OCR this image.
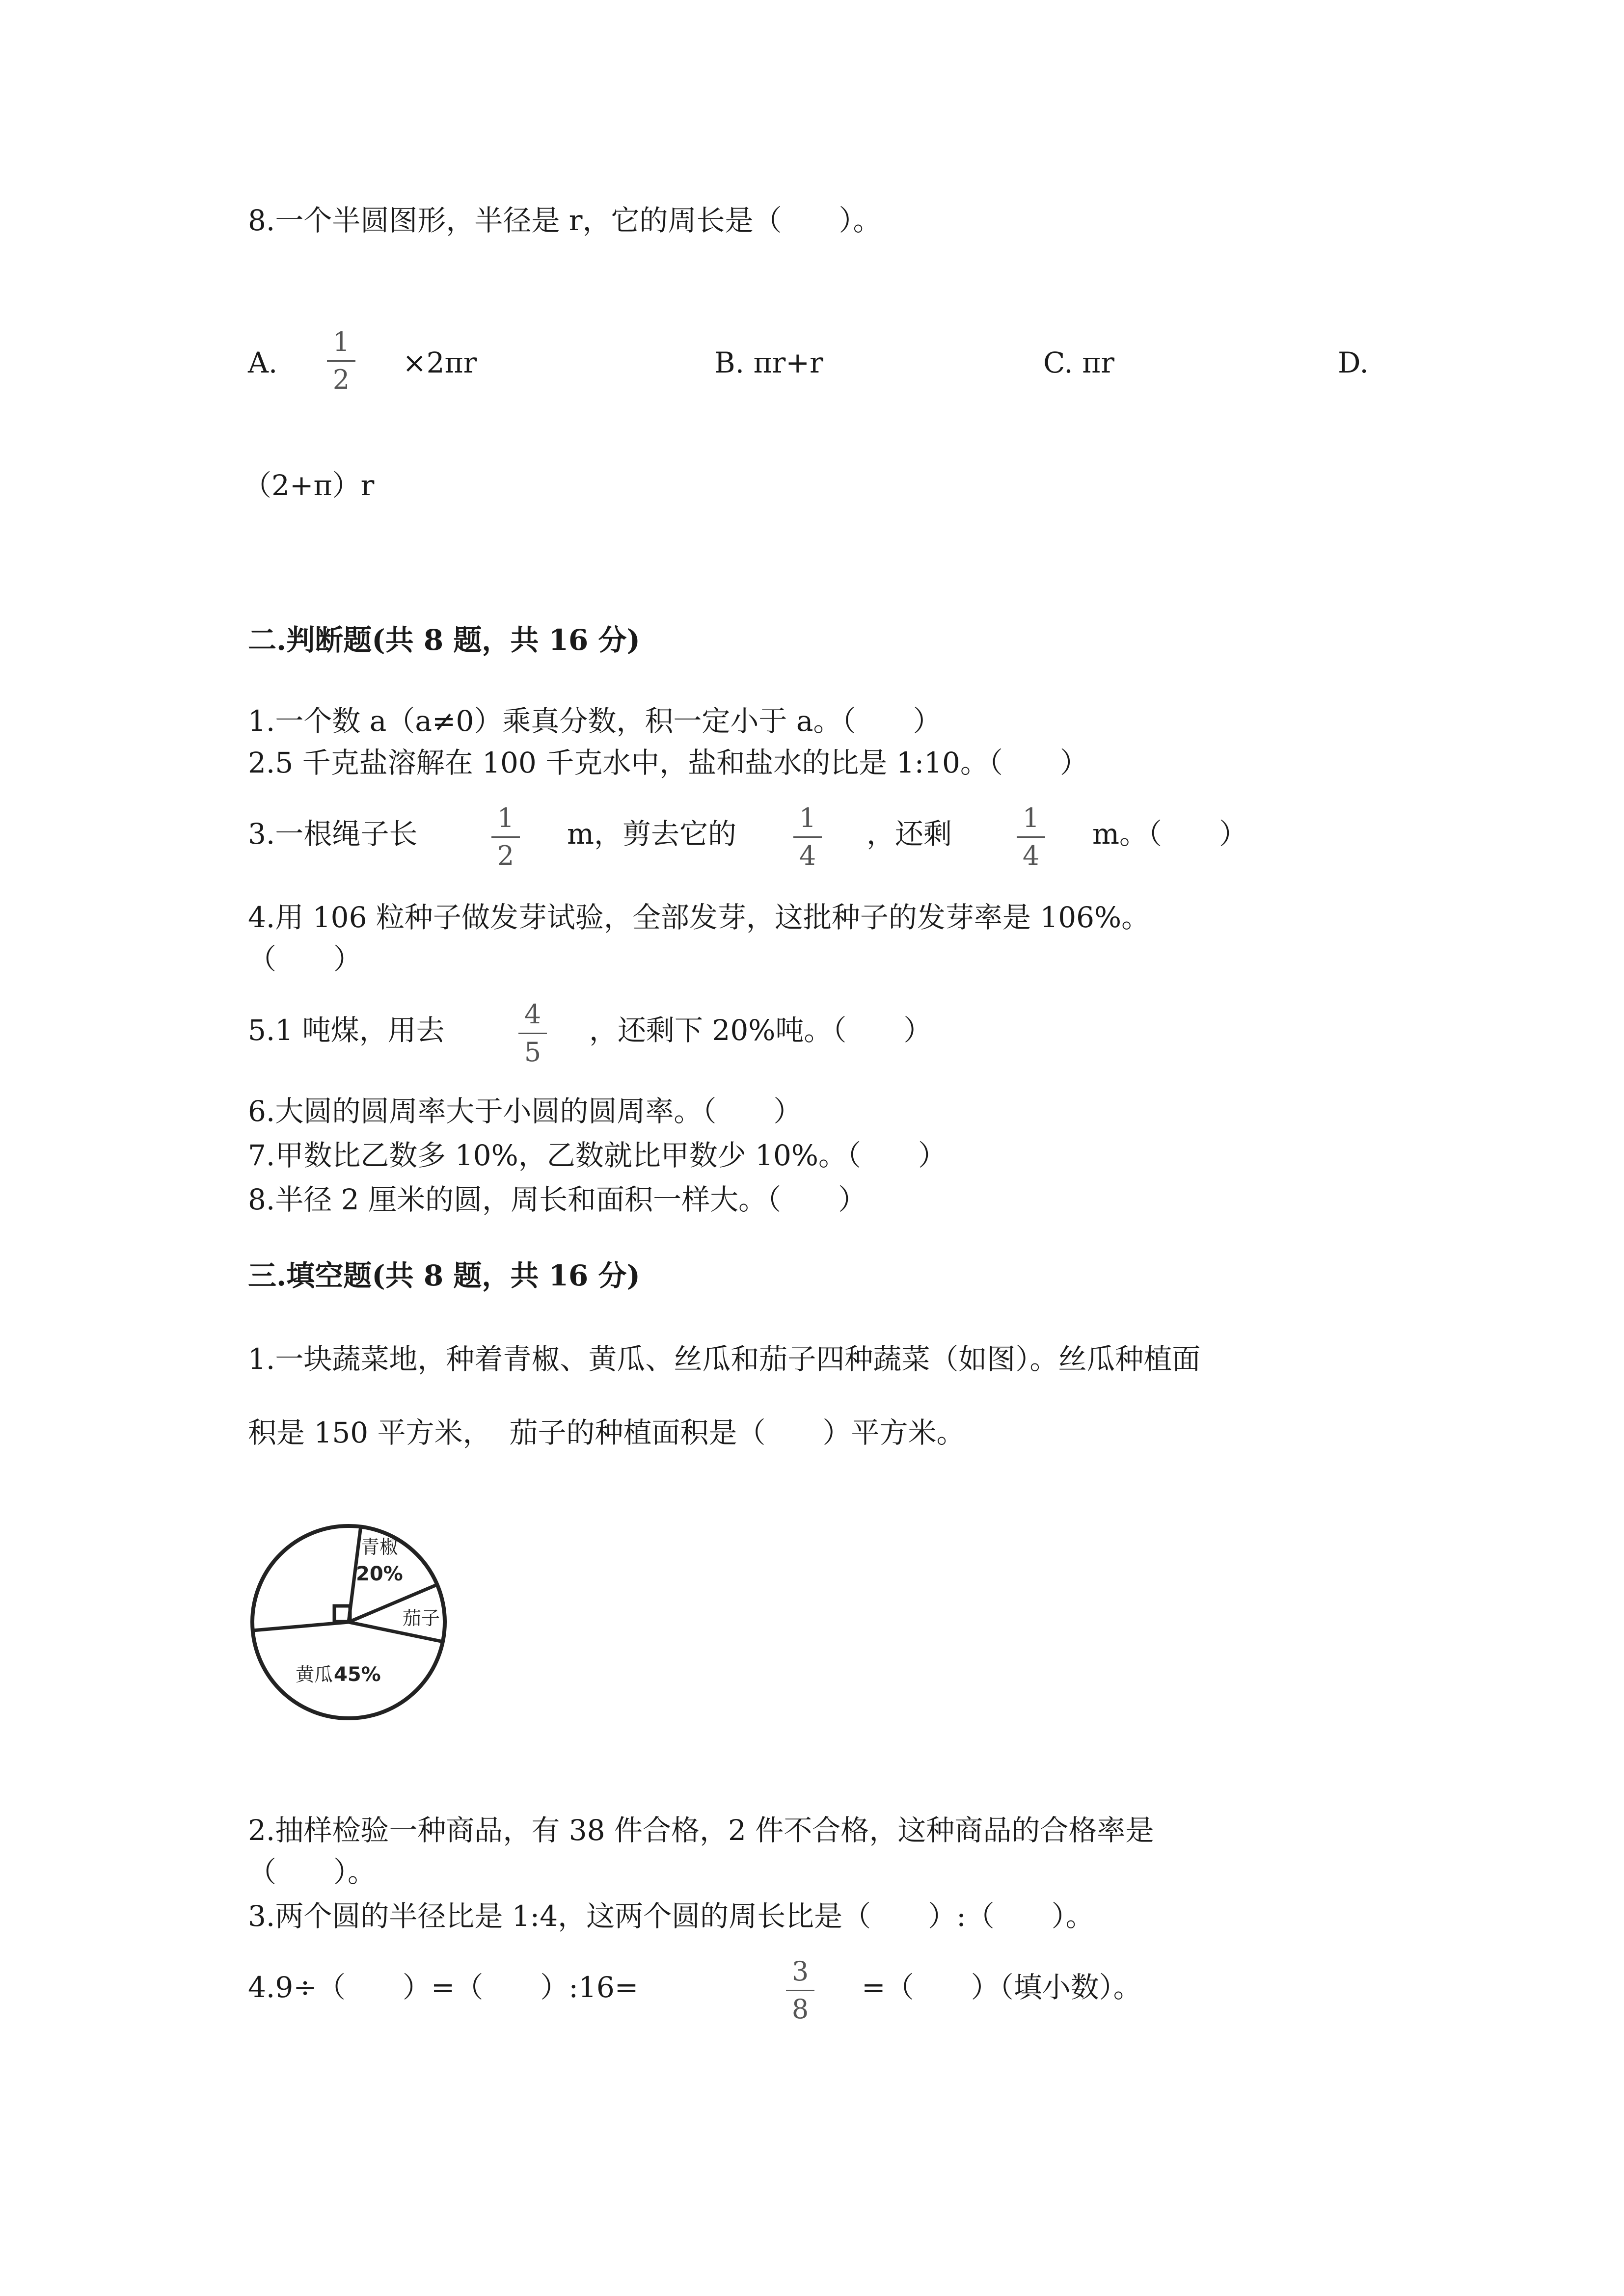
8.一个半圆图形，半径是 r，它的周长是（　　）。
A.
1
2
×2πr	B. πr+r	C. πr	D.
（2+π）r
二.判断题(共 8 题，共 16 分)
1.一个数 a（a≠0）乘真分数，积一定小于 a。（　　）
2.5 千克盐溶解在 100 千克水中，盐和盐水的比是 1:10。（　　）
3.一根绳子长	1
2
m，剪去它的	1
4
，还剩	1
4
m。（　　）
4.用 106 粒种子做发芽试验，全部发芽，这批种子的发芽率是 106%。
（　　）
5.1 吨煤，用去	4
5
，还剩下 20%吨。（　　）
6.大圆的圆周率大于小圆的圆周率。（　　）
7.甲数比乙数多 10%，乙数就比甲数少 10%。（　　）
8.半径 2 厘米的圆，周长和面积一样大。（　　）
三.填空题(共 8 题，共 16 分)
1.一块蔬菜地，种着青椒、黄瓜、丝瓜和茄子四种蔬菜（如图）。丝瓜种植面
积是 150 平方米，  茄子的种植面积是（　　）平方米。
青椒
20%
茄子
黄瓜 45%
2.抽样检验一种商品，有 38 件合格，2 件不合格，这种商品的合格率是
（　　）。
3.两个圆的半径比是 1:4，这两个圆的周长比是（　　）:（　　）。
4.9÷（　　）=（　　）:16=	3
8
=（　　）（填小数）。
